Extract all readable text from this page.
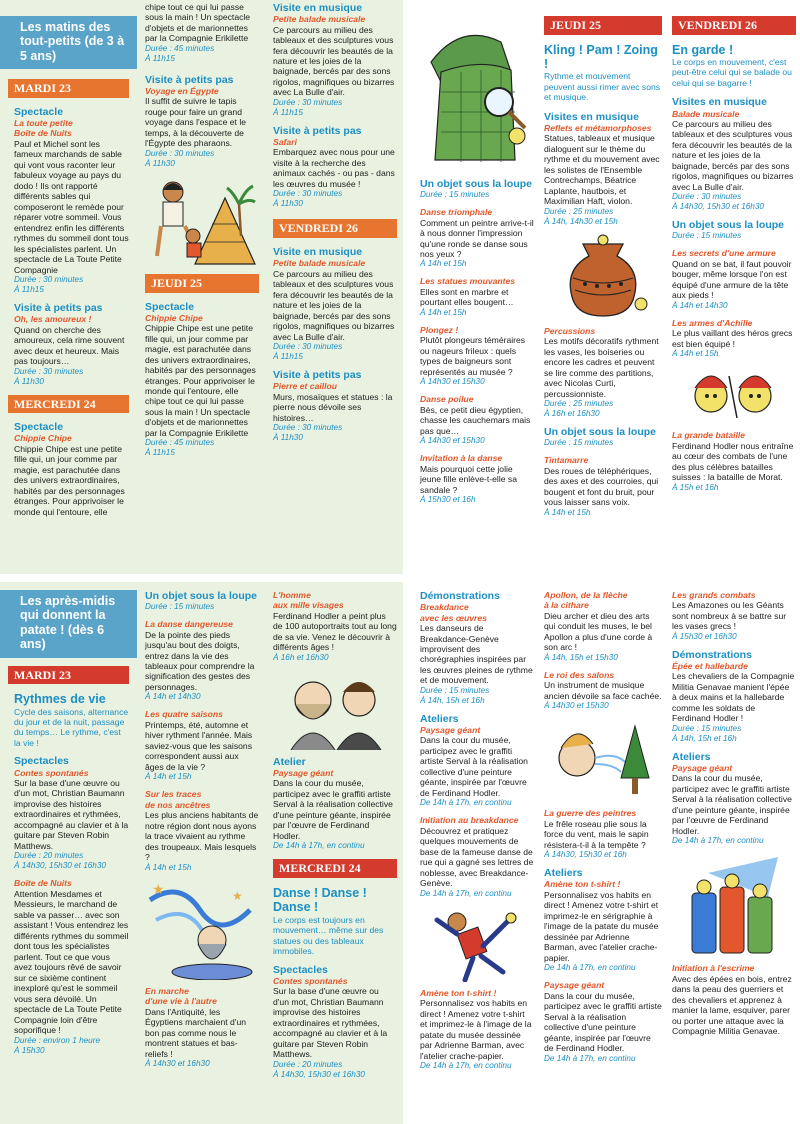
Les matins des tout-petits (de 3 à 5 ans)
MARDI 23
Spectacle
La toute petite
Boîte de Nuits
Paul et Michel sont les fameux marchands de sable qui vont vous raconter leur fabuleux voyage au pays du dodo ! Ils ont rapporté différents sables qui composeront le remède pour réparer votre sommeil. Vous entendrez enfin les différents rythmes du sommeil dont tous les spécialistes parlent. Un spectacle de La Toute Petite Compagnie
Durée : 30 minutes
À 11h15
Visite à petits pas
Oh, les amoureux !
Quand on cherche des amoureux, cela rime souvent avec deux et heureux. Mais pas toujours…
Durée : 30 minutes
À 11h30
MERCREDI 24
Spectacle
Chippie Chipe
Chippie Chipe est une petite fille qui, un jour comme par magie, est parachutée dans des univers extraordinaires, habités par des personnages étranges. Pour apprivoiser le monde qui l'entoure, elle
chipe tout ce qui lui passe sous la main ! Un spectacle d'objets et de marionnettes par la Compagnie Erikilette
Durée : 45 minutes
À 11h15
Visite à petits pas
Voyage en Égypte
Il suffit de suivre le tapis rouge pour faire un grand voyage dans l'espace et le temps, à la découverte de l'Égypte des pharaons.
Durée : 30 minutes
À 11h30
JEUDI 25
Spectacle
Chippie Chipe
Chippie Chipe est une petite fille qui, un jour comme par magie, est parachutée dans des univers extraordinaires, habités par des personnages étranges. Pour apprivoiser le monde qui l'entoure, elle chipe tout ce qui lui passe sous la main ! Un spectacle d'objets et de marionnettes par la Compagnie Erikilette
Durée : 45 minutes
À 11h15
Visite en musique
Petite balade musicale
Ce parcours au milieu des tableaux et des sculptures vous fera découvrir les beautés de la nature et les joies de la baignade, bercés par des sons rigolos, magnifiques ou bizarres avec La Bulle d'air.
Durée : 30 minutes
À 11h15
Visite à petits pas
Safari
Embarquez avec nous pour une visite à la recherche des animaux cachés - ou pas - dans les œuvres du musée !
Durée : 30 minutes
À 11h30
VENDREDI 26
Visite en musique
Petite balade musicale
Ce parcours au milieu des tableaux et des sculptures vous fera découvrir les beautés de la nature et les joies de la baignade, bercés par des sons rigolos, magnifiques ou bizarres avec La Bulle d'air.
Durée : 30 minutes
À 11h15
Visite à petits pas
Pierre et caillou
Murs, mosaïques et statues : la pierre nous dévoile ses histoires…
Durée : 30 minutes
À 11h30
Un objet sous la loupe
Durée : 15 minutes
Danse triomphale
Comment un peintre arrive-t-il à nous donner l'impression qu'une ronde se danse sous nos yeux ?
À 14h et 15h
Les statues mouvantes
Elles sont en marbre et pourtant elles bougent…
À 14h et 15h
Plongez !
Plutôt plongeurs téméraires ou nageurs frileux : quels types de baigneurs sont représentés au musée ?
À 14h30 et 15h30
Danse poilue
Bès, ce petit dieu égyptien, chasse les cauchemars mais pas que…
À 14h30 et 15h30
Invitation à la danse
Mais pourquoi cette jolie jeune fille enlève-t-elle sa sandale ?
À 15h30 et 16h
JEUDI 25
Kling ! Pam ! Zoing !
Rythme et mouvement peuvent aussi rimer avec sons et musique.
Visites en musique
Reflets et métamorphoses
Statues, tableaux et musique dialoguent sur le thème du rythme et du mouvement avec les solistes de l'Ensemble Contrechamps, Béatrice Laplante, hautbois, et Maximilian Haft, violon.
Durée : 25 minutes
À 14h, 14h30 et 15h
Percussions
Les motifs décoratifs rythment les vases, les boiseries ou encore les cadres et peuvent se lire comme des partitions, avec Nicolas Curti, percussionniste.
Durée : 25 minutes
À 16h et 16h30
Un objet sous la loupe
Durée : 15 minutes
Tintamarre
Des roues de téléphériques, des axes et des courroies, qui bougent et font du bruit, pour vous laisser sans voix.
À 14h et 15h
VENDREDI 26
En garde !
Le corps en mouvement, c'est peut-être celui qui se balade ou celui qui se bagarre !
Visites en musique
Balade musicale
Ce parcours au milieu des tableaux et des sculptures vous fera découvrir les beautés de la nature et les joies de la baignade, bercés par des sons rigolos, magnifiques ou bizarres avec La Bulle d'air.
Durée : 30 minutes
À 14h30, 15h30 et 16h30
Un objet sous la loupe
Durée : 15 minutes
Les secrets d'une armure
Quand on se bat, il faut pouvoir bouger, même lorsque l'on est équipé d'une armure de la tête aux pieds !
À 14h et 14h30
Les armes d'Achille
Le plus vaillant des héros grecs est bien équipé !
À 14h et 15h
La grande bataille
Ferdinand Hodler nous entraîne au cœur des combats de l'une des plus célèbres batailles suisses : la bataille de Morat.
À 15h et 16h
Les après-midis qui donnent la patate ! (dès 6 ans)
MARDI 23
Rythmes de vie
Cycle des saisons, alternance du jour et de la nuit, passage du temps… Le rythme, c'est la vie !
Spectacles
Contes spontanés
Sur la base d'une œuvre ou d'un mot, Christian Baumann improvise des histoires extraordinaires et rythmées, accompagné au clavier et à la guitare par Steven Robin Matthews.
Durée : 20 minutes
À 14h30, 15h30 et 16h30
Boîte de Nuits
Attention Mesdames et Messieurs, le marchand de sable va passer… avec son assistant ! Vous entendrez les différents rythmes du sommeil dont tous les spécialistes parlent. Tout ce que vous avez toujours rêvé de savoir sur ce sixième continent inexploré qu'est le sommeil vous sera dévoilé. Un spectacle de La Toute Petite Compagnie loin d'être soporifique !
Durée : environ 1 heure
À 15h30
Un objet sous la loupe
Durée : 15 minutes
La danse dangereuse
De la pointe des pieds jusqu'au bout des doigts, entrez dans la vie des tableaux pour comprendre la signification des gestes des personnages.
À 14h et 14h30
Les quatre saisons
Printemps, été, automne et hiver rythment l'année. Mais saviez-vous que les saisons correspondent aussi aux âges de la vie ?
À 14h et 15h
Sur les traces
de nos ancêtres
Les plus anciens habitants de notre région dont nous ayons la trace vivaient au rythme des troupeaux. Mais lesquels ?
À 14h et 15h
★	★
En marche
d'une vie à l'autre
Dans l'Antiquité, les Égyptiens marchaient d'un bon pas comme nous le montrent statues et bas-reliefs !
À 14h30 et 16h30
L'homme
aux mille visages
Ferdinand Hodler a peint plus de 100 autoportraits tout au long de sa vie. Venez le découvrir à différents âges !
À 16h et 16h30
Atelier
Paysage géant
Dans la cour du musée, participez avec le graffiti artiste Serval à la réalisation collective d'une peinture géante, inspirée par l'œuvre de Ferdinand Hodler.
De 14h à 17h, en continu
MERCREDI 24
Danse ! Danse ! Danse !
Le corps est toujours en mouvement… même sur des statues ou des tableaux immobiles.
Spectacles
Contes spontanés
Sur la base d'une œuvre ou d'un mot, Christian Baumann improvise des histoires extraordinaires et rythmées, accompagné au clavier et à la guitare par Steven Robin Matthews.
Durée : 20 minutes
À 14h30, 15h30 et 16h30
Démonstrations
Breakdance
avec les œuvres
Les danseurs de Breakdance-Genève improvisent des chorégraphies inspirées par les œuvres pleines de rythme et de mouvement.
Durée : 15 minutes
À 14h, 15h et 16h
Ateliers
Paysage géant
Dans la cour du musée, participez avec le graffiti artiste Serval à la réalisation collective d'une peinture géante, inspirée par l'œuvre de Ferdinand Hodler.
De 14h à 17h, en continu
Initiation au breakdance
Découvrez et pratiquez quelques mouvements de base de la fameuse danse de rue qui a gagné ses lettres de noblesse, avec Breakdance-Genève.
De 14h à 17h, en continu
Amène ton t-shirt !
Personnalisez vos habits en direct ! Amenez votre t-shirt et imprimez-le à l'image de la patate du musée dessinée par Adrienne Barman, avec l'atelier crache-papier.
De 14h à 17h, en continu
Apollon, de la flèche
à la cithare
Dieu archer et dieu des arts qui conduit les muses, le bel Apollon a plus d'une corde à son arc !
À 14h, 15h et 15h30
Le roi des salons
Un instrument de musique ancien dévoile sa face cachée.
À 14h30 et 15h30
La guerre des peintres
Le frêle roseau plie sous la force du vent, mais le sapin résistera-t-il à la tempête ?
À 14h30, 15h30 et 16h
Ateliers
Amène ton t-shirt !
Personnalisez vos habits en direct ! Amenez votre t-shirt et imprimez-le en sérigraphie à l'image de la patate du musée dessinée par Adrienne Barman, avec l'atelier crache-papier.
De 14h à 17h, en continu
Paysage géant
Dans la cour du musée, participez avec le graffiti artiste Serval à la réalisation collective d'une peinture géante, inspirée par l'œuvre de Ferdinand Hodler.
De 14h à 17h, en continu
Les grands combats
Les Amazones ou les Géants sont nombreux à se battre sur les vases grecs !
À 15h30 et 16h30
Démonstrations
Épée et hallebarde
Les chevaliers de la Compagnie Militia Genavae manient l'épée à deux mains et la hallebarde comme les soldats de Ferdinand Hodler !
Durée : 15 minutes
À 14h, 15h et 16h
Ateliers
Paysage géant
Dans la cour du musée, participez avec le graffiti artiste Serval à la réalisation collective d'une peinture géante, inspirée par l'œuvre de Ferdinand Hodler.
De 14h à 17h, en continu
Initiation à l'escrime
Avec des épées en bois, entrez dans la peau des guerriers et des chevaliers et apprenez à manier la lame, esquiver, parer ou porter une attaque avec la Compagnie Militia Genavae.
